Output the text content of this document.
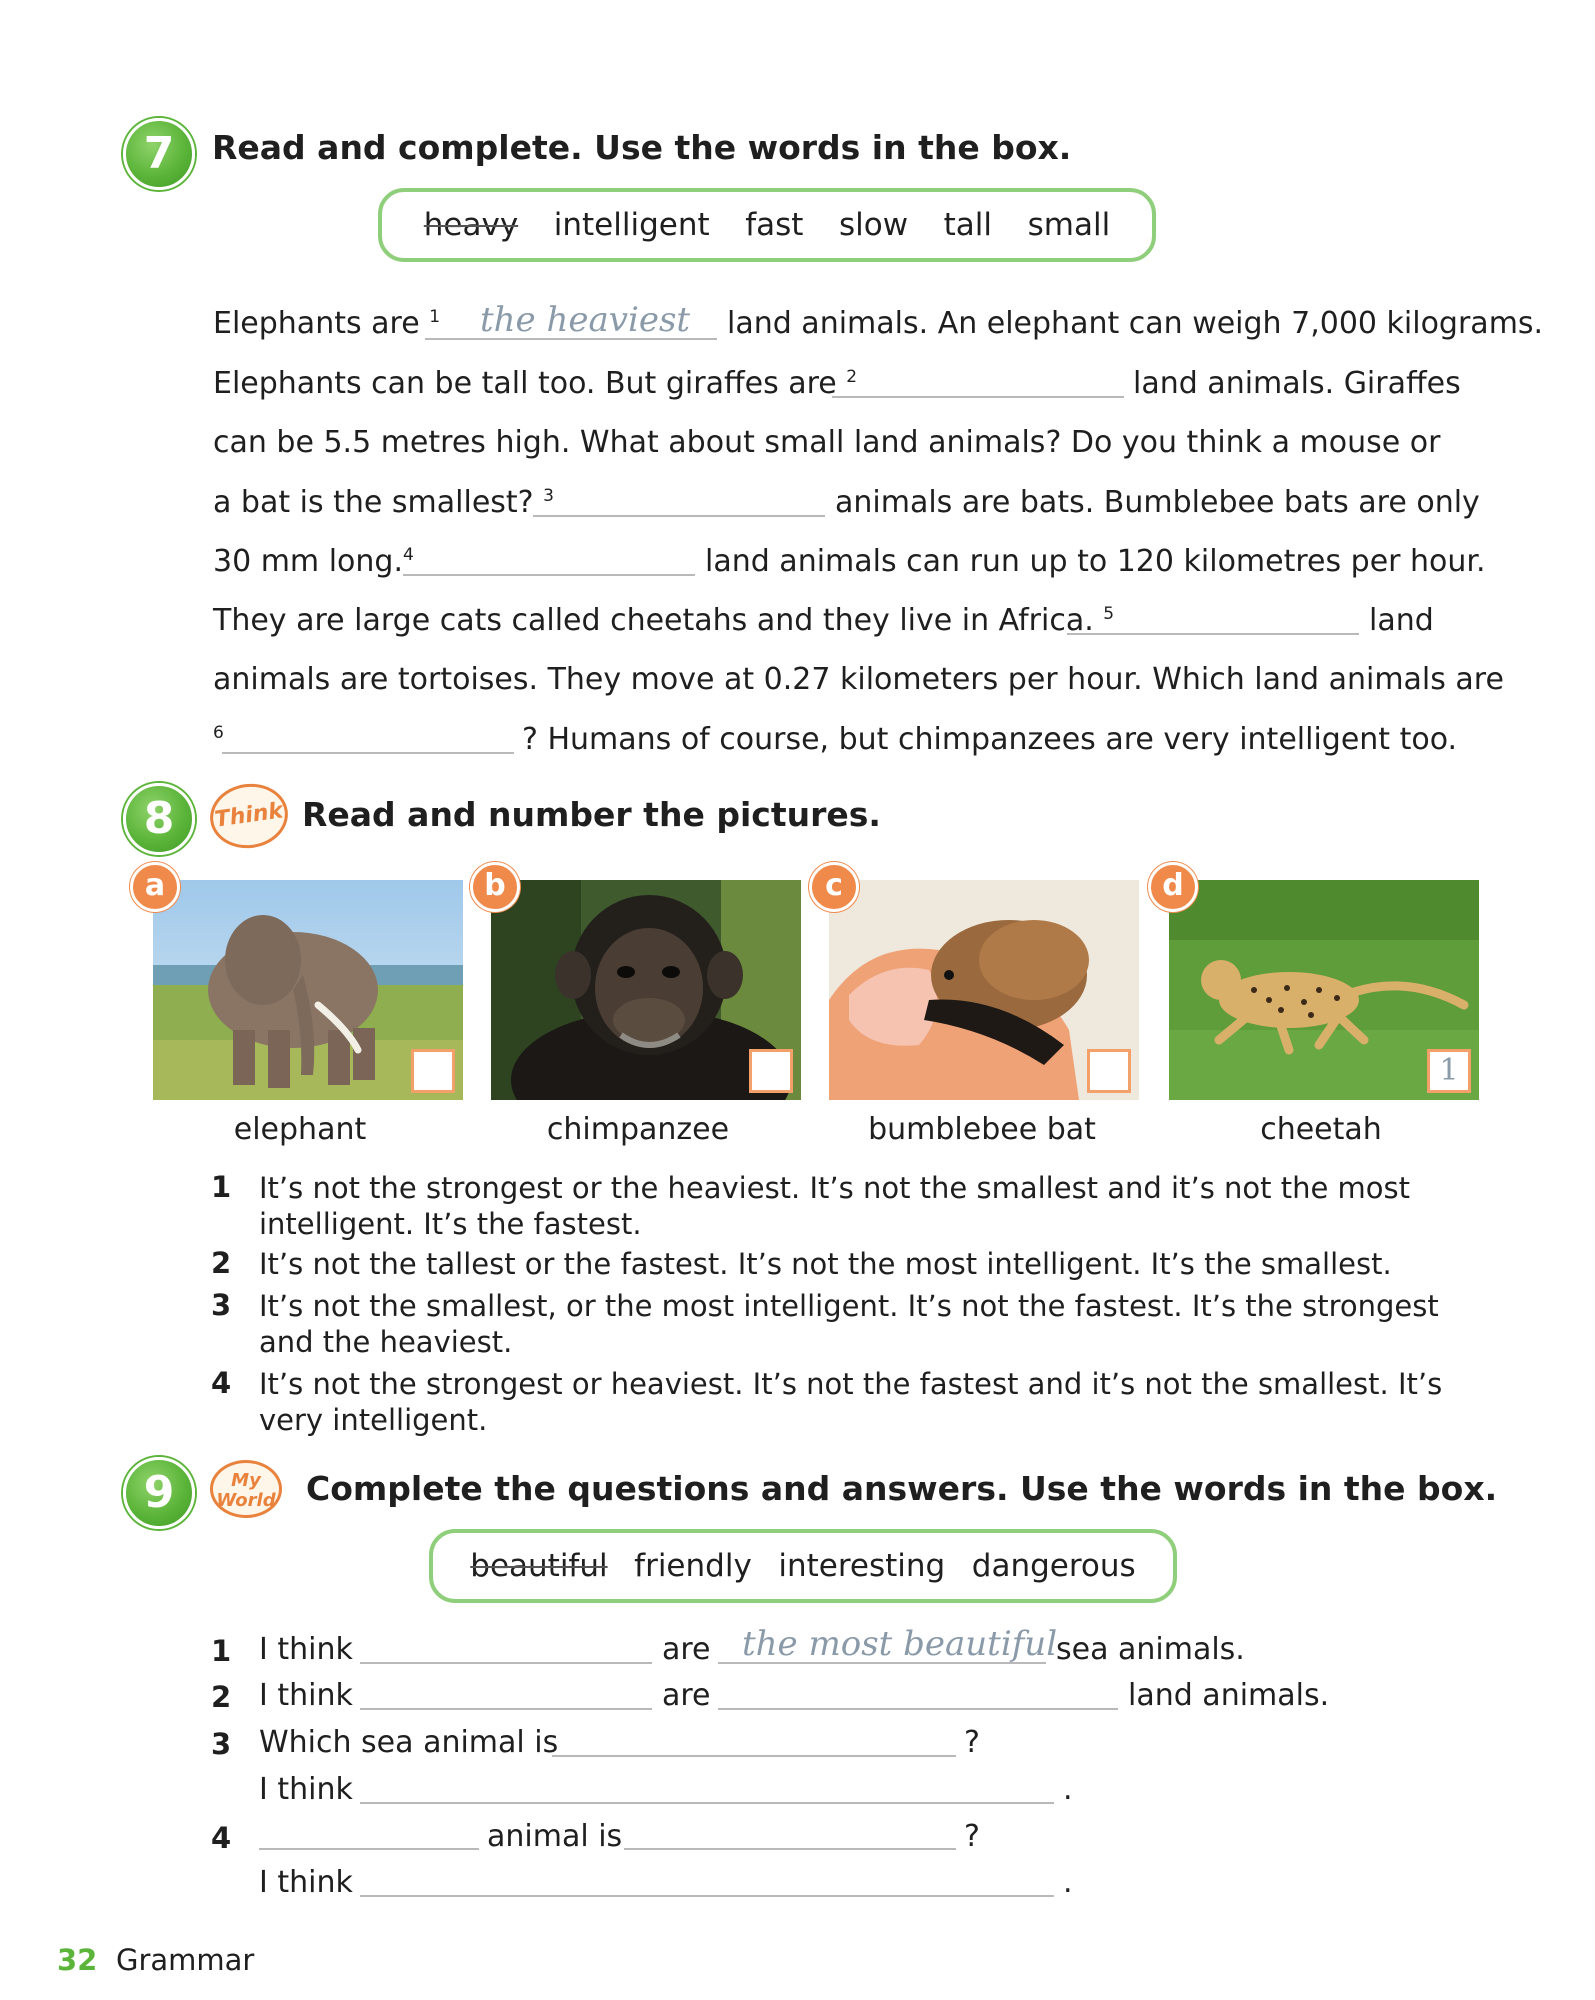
7	Read and complete. Use the words in the box.
heavy intelligent fast slow tall small
Elephants are $^1$ the heaviest land animals. An elephant can weigh 7,000 kilograms.
Elephants can be tall too. But giraffes are $^2$	land animals. Giraffes
can be 5.5 metres high. What about small land animals? Do you think a mouse or
a bat is the smallest? $^3$	animals are bats. Bumblebee bats are only
30 mm long.$^4$	land animals can run up to 120 kilometres per hour.
They are large cats called cheetahs and they live in Africa. $^5$	land
animals are tortoises. They move at 0.27 kilometers per hour. Which land animals are
$^6$	? Humans of course, but chimpanzees are very intelligent too.
8	Think Read and number the pictures.
a
elephant
b
chimpanzee
c
bumblebee bat
d
1
cheetah
1 It’s not the strongest or the heaviest. It’s not the smallest and it’s not the most intelligent. It’s the fastest.
2 It’s not the tallest or the fastest. It’s not the most intelligent. It’s the smallest.
3 It’s not the smallest, or the most intelligent. It’s not the fastest. It’s the strongest and the heaviest.
4 It’s not the strongest or heaviest. It’s not the fastest and it’s not the smallest. It’s very intelligent.
9	My
World Complete the questions and answers. Use the words in the box.
beautiful friendly interesting dangerous
1 I think	are the most beautiful
sea animals.
2 I think	are	land animals.
3 Which sea animal is	?
I think	.
4	animal is	?
I think	.
32 Grammar
